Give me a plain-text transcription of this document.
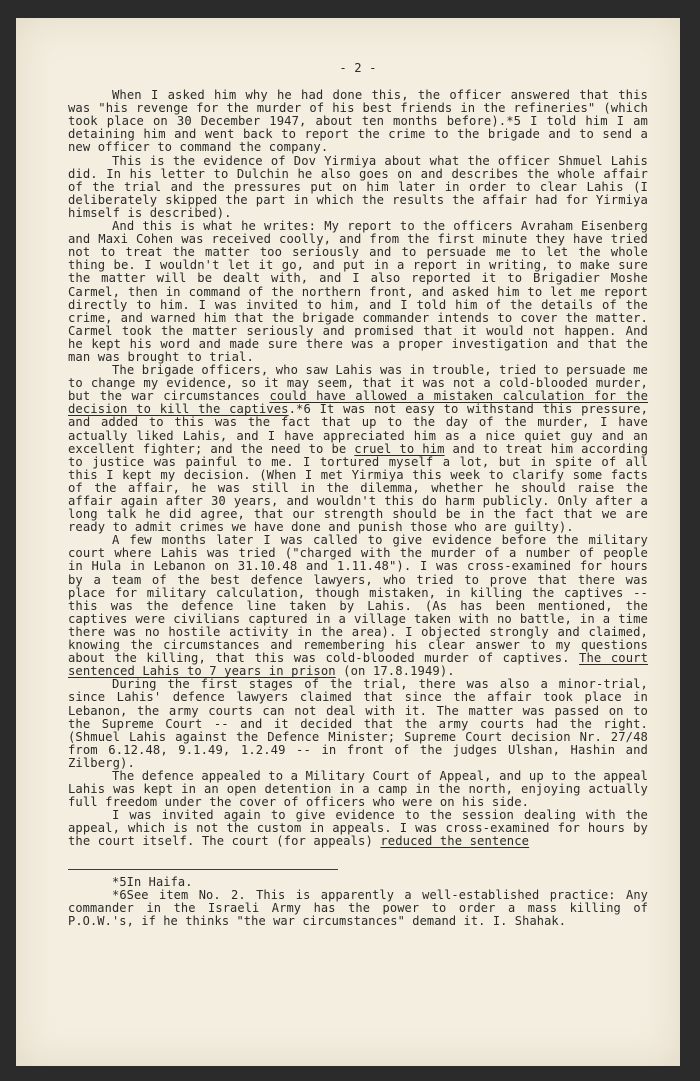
- 2 -
When I asked him why he had done this, the officer answered that this was "his revenge for the murder of his best friends in the refineries" (which took place on 30 December 1947, about ten months before).*5 I told him I am detaining him and went back to report the crime to the brigade and to send a new officer to command the company.
This is the evidence of Dov Yirmiya about what the officer Shmuel Lahis did. In his letter to Dulchin he also goes on and describes the whole affair of the trial and the pressures put on him later in order to clear Lahis (I deliberately skipped the part in which the results the affair had for Yirmiya himself is described).
And this is what he writes: My report to the officers Avraham Eisenberg and Maxi Cohen was received coolly, and from the first minute they have tried not to treat the matter too seriously and to persuade me to let the whole thing be. I wouldn't let it go, and put in a report in writing, to make sure the matter will be dealt with, and I also reported it to Brigadier Moshe Carmel, then in command of the northern front, and asked him to let me report directly to him. I was invited to him, and I told him of the details of the crime, and warned him that the brigade commander intends to cover the matter. Carmel took the matter seriously and promised that it would not happen. And he kept his word and made sure there was a proper investigation and that the man was brought to trial.
The brigade officers, who saw Lahis was in trouble, tried to persuade me to change my evidence, so it may seem, that it was not a cold-blooded murder, but the war circumstances could have allowed a mistaken calculation for the decision to kill the captives.*6 It was not easy to withstand this pressure, and added to this was the fact that up to the day of the murder, I have actually liked Lahis, and I have appreciated him as a nice quiet guy and an excellent fighter; and the need to be cruel to him and to treat him according to justice was painful to me. I tortured myself a lot, but in spite of all this I kept my decision. (When I met Yirmiya this week to clarify some facts of the affair, he was still in the dilemma, whether he should raise the affair again after 30 years, and wouldn't this do harm publicly. Only after a long talk he did agree, that our strength should be in the fact that we are ready to admit crimes we have done and punish those who are guilty).
A few months later I was called to give evidence before the military court where Lahis was tried ("charged with the murder of a number of people in Hula in Lebanon on 31.10.48 and 1.11.48"). I was cross-examined for hours by a team of the best defence lawyers, who tried to prove that there was place for military calculation, though mistaken, in killing the captives -- this was the defence line taken by Lahis. (As has been mentioned, the captives were civilians captured in a village taken with no battle, in a time there was no hostile activity in the area). I objected strongly and claimed, knowing the circumstances and remembering his clear answer to my questions about the killing, that this was cold-blooded murder of captives. The court sentenced Lahis to 7 years in prison (on 17.8.1949).
During the first stages of the trial, there was also a minor-trial, since Lahis' defence lawyers claimed that since the affair took place in Lebanon, the army courts can not deal with it. The matter was passed on to the Supreme Court -- and it decided that the army courts had the right. (Shmuel Lahis against the Defence Minister; Supreme Court decision Nr. 27/48 from 6.12.48, 9.1.49, 1.2.49 -- in front of the judges Ulshan, Hashin and Zilberg).
The defence appealed to a Military Court of Appeal, and up to the appeal Lahis was kept in an open detention in a camp in the north, enjoying actually full freedom under the cover of officers who were on his side.
I was invited again to give evidence to the session dealing with the appeal, which is not the custom in appeals. I was cross-examined for hours by the court itself. The court (for appeals) reduced the sentence
*5In Haifa.
*6See item No. 2. This is apparently a well-established practice: Any commander in the Israeli Army has the power to order a mass killing of P.O.W.'s, if he thinks "the war circumstances" demand it. I. Shahak.
